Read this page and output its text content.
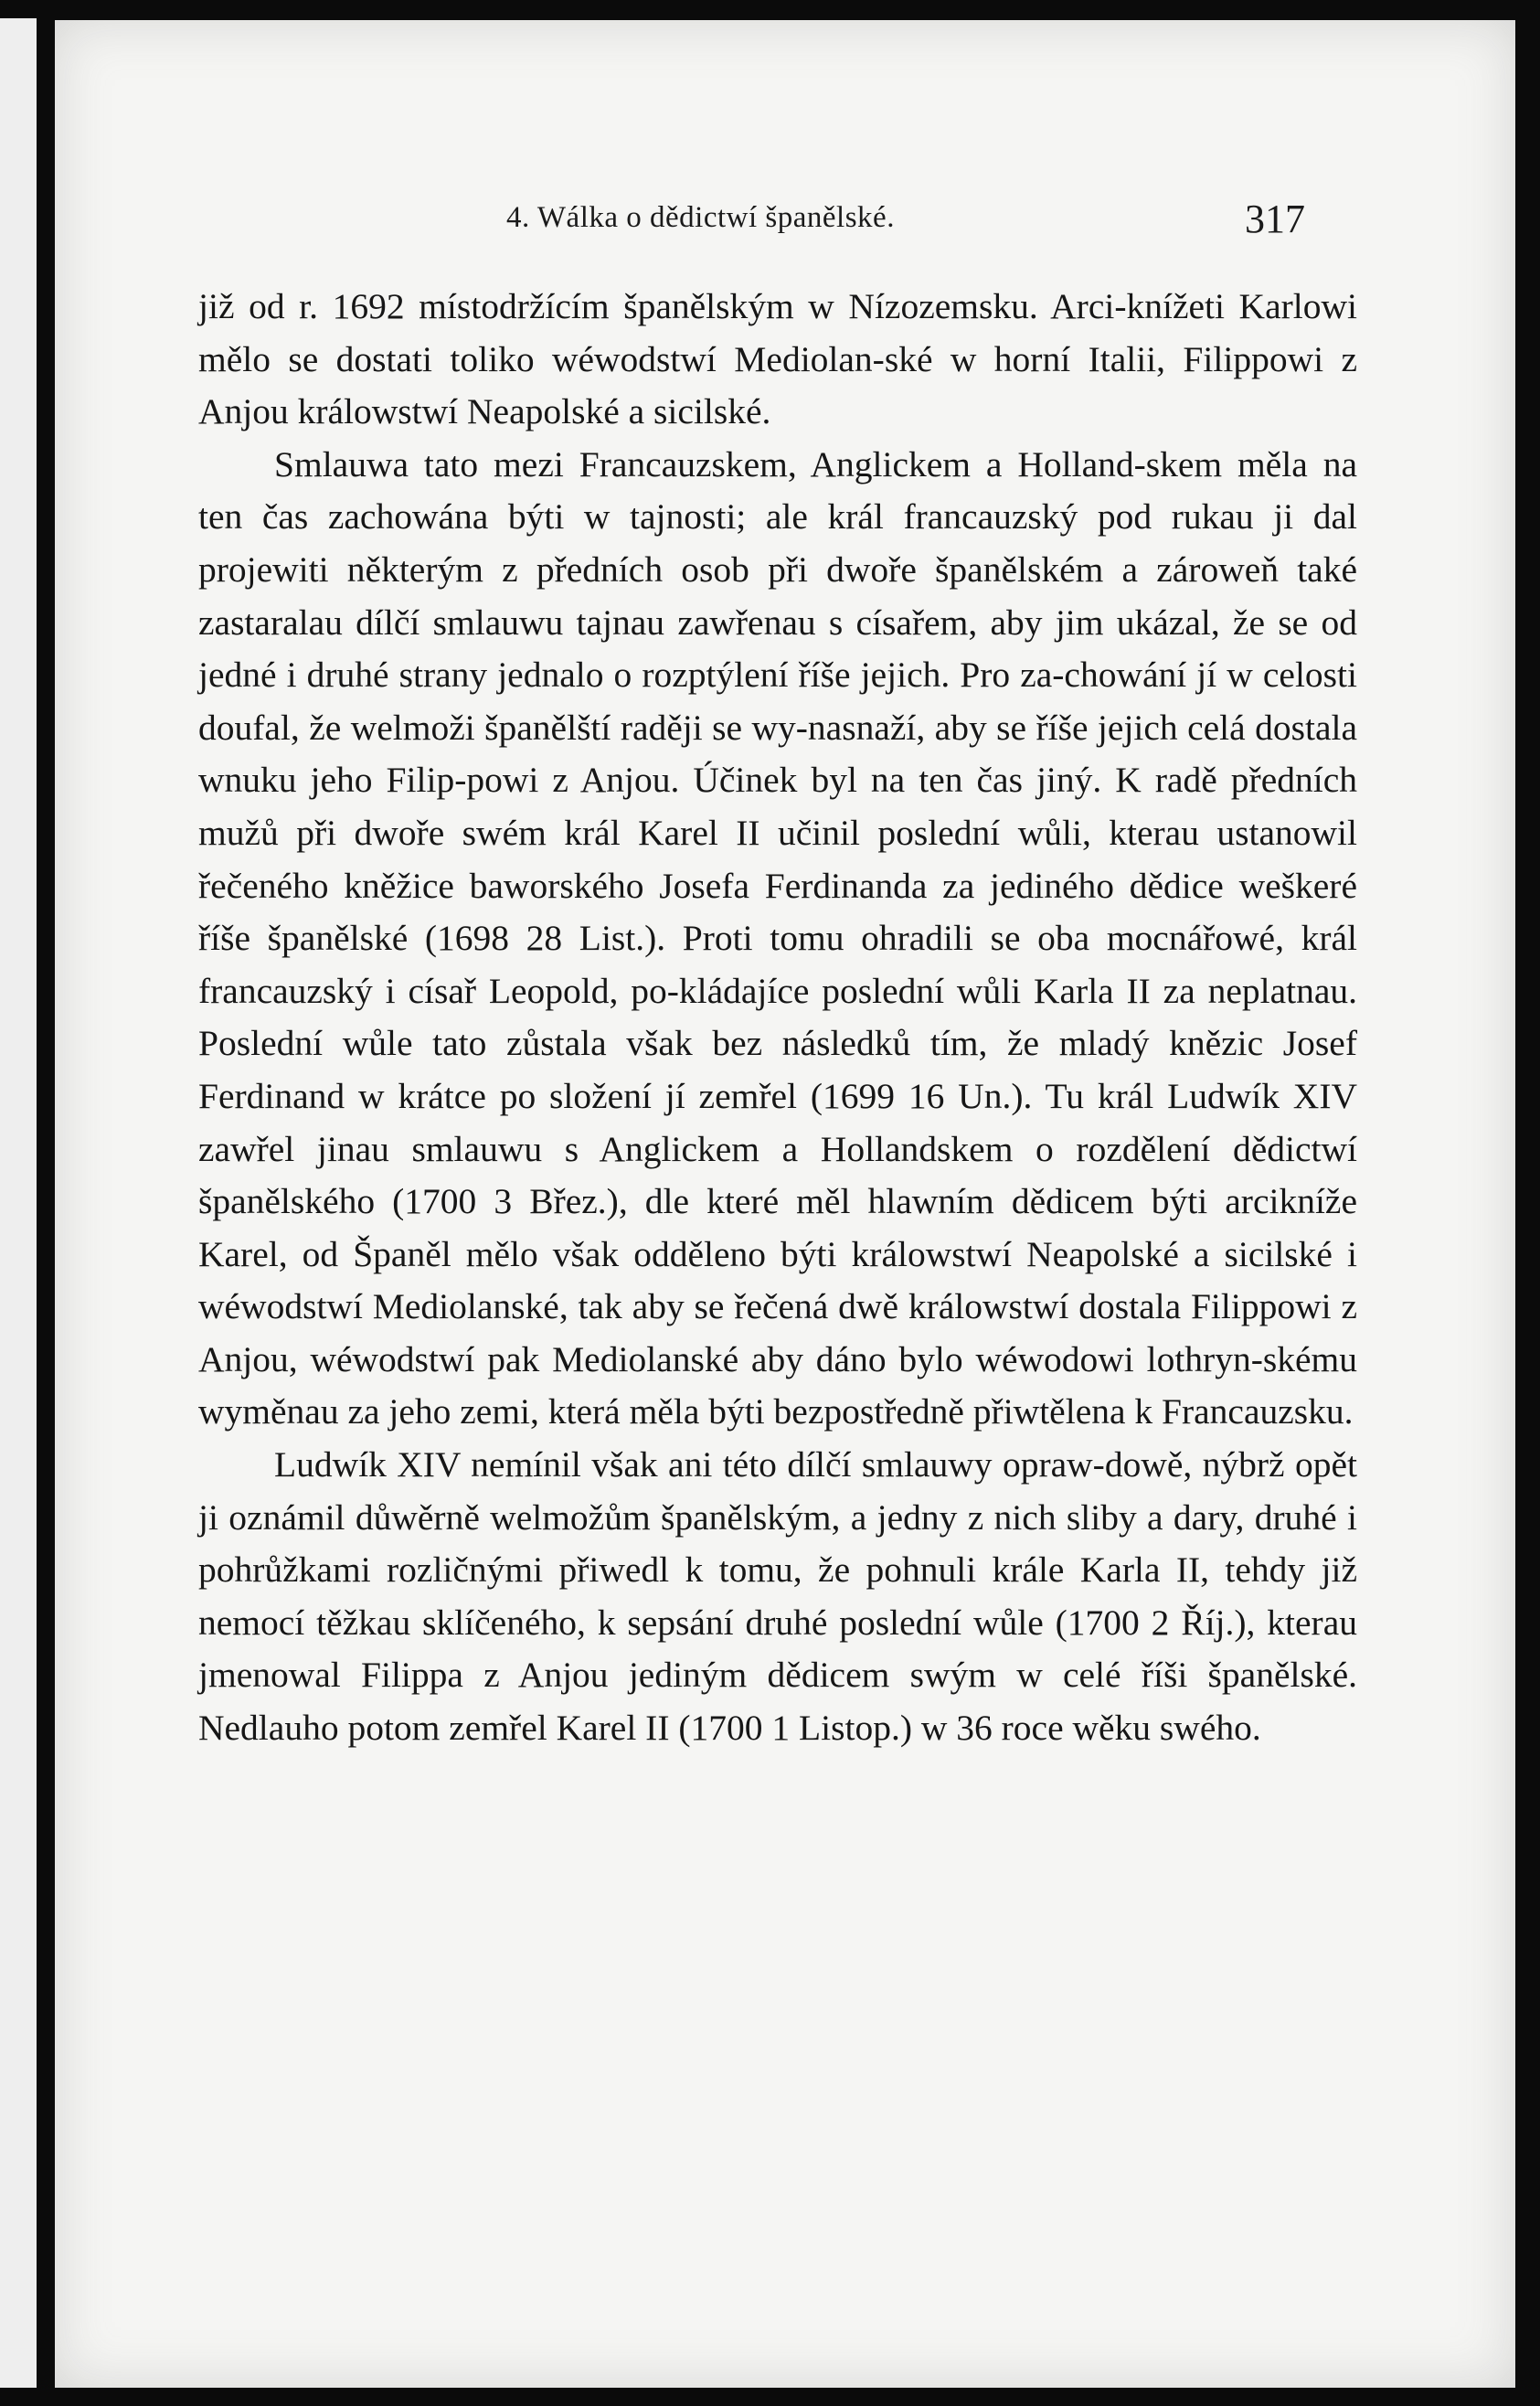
4. Wálka o dědictwí španělské.	317

již od r. 1692 místodržícím španělským w Nízozemsku. Arci-knížeti Karlowi mělo se dostati toliko wéwodstwí Mediolan-ské w horní Italii, Filippowi z Anjou králowstwí Neapolské a sicilské.

Smlauwa tato mezi Francauzskem, Anglickem a Holland-skem měla na ten čas zachowána býti w tajnosti; ale král francauzský pod rukau ji dal projewiti některým z předních osob při dwoře španělském a zároweň také zastaralau dílčí smlauwu tajnau zawřenau s císařem, aby jim ukázal, že se od jedné i druhé strany jednalo o rozptýlení říše jejich. Pro za-chowání jí w celosti doufal, že welmoži španělští raději se wy-nasnaží, aby se říše jejich celá dostala wnuku jeho Filip-powi z Anjou. Účinek byl na ten čas jiný. K radě předních mužů při dwoře swém král Karel II učinil poslední wůli, kterau ustanowil řečeného kněžice baworského Josefa Ferdinanda za jediného dědice weškeré říše španělské (1698 28 List.). Proti tomu ohradili se oba mocnářowé, král francauzský i císař Leopold, po-kládajíce poslední wůli Karla II za neplatnau. Poslední wůle tato zůstala však bez následků tím, že mladý knězic Josef Ferdinand w krátce po složení jí zemřel (1699 16 Un.). Tu král Ludwík XIV zawřel jinau smlauwu s Anglickem a Hollandskem o rozdělení dědictwí španělského (1700 3 Břez.), dle které měl hlawním dědicem býti arcikníže Karel, od Španěl mělo však odděleno býti králowstwí Neapolské a sicilské i wéwodstwí Mediolanské, tak aby se řečená dwě králowstwí dostala Filippowi z Anjou, wéwodstwí pak Mediolanské aby dáno bylo wéwodowi lothryn-skému wyměnau za jeho zemi, která měla býti bezpostředně přiwtělena k Francauzsku.

Ludwík XIV nemínil však ani této dílčí smlauwy opraw-dowě, nýbrž opět ji oznámil důwěrně welmožům španělským, a jedny z nich sliby a dary, druhé i pohrůžkami rozličnými přiwedl k tomu, že pohnuli krále Karla II, tehdy již nemocí těžkau sklíčeného, k sepsání druhé poslední wůle (1700 2 Říj.), kterau jmenowal Filippa z Anjou jediným dědicem swým w celé říši španělské. Nedlauho potom zemřel Karel II (1700 1 Listop.) w 36 roce wěku swého.
